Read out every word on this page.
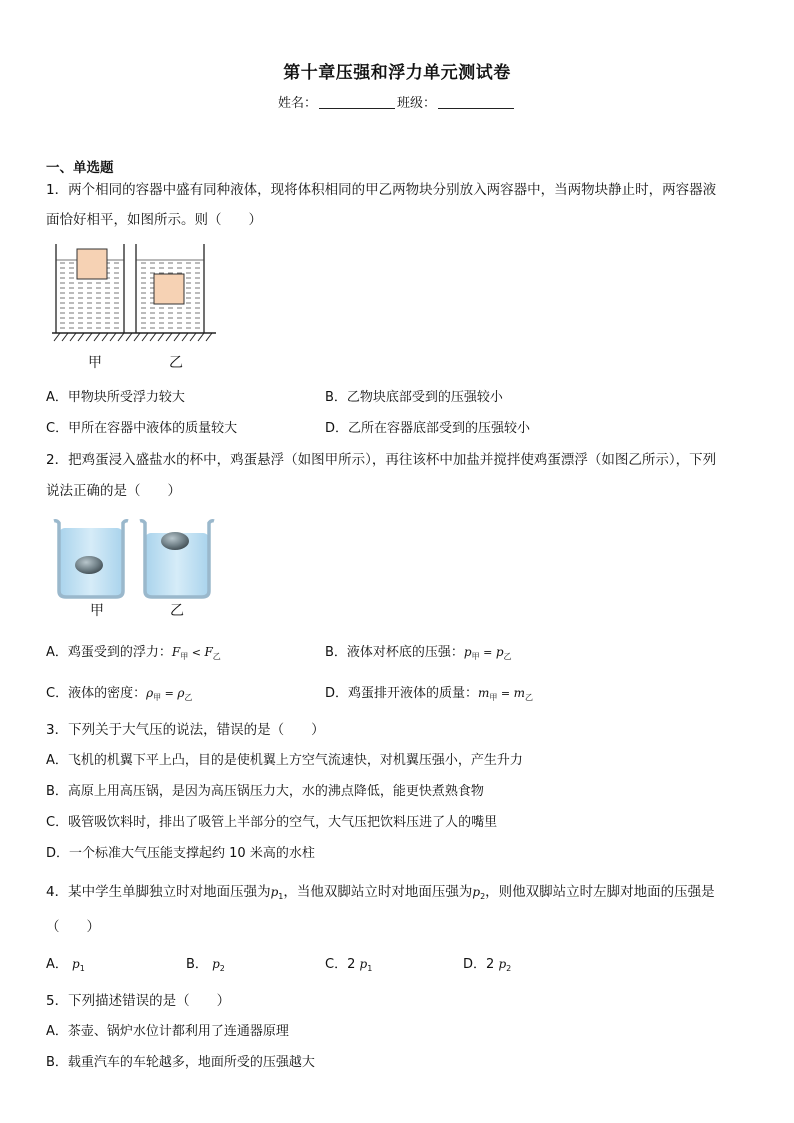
第十章压强和浮力单元测试卷
姓名：	班级：
一、单选题
1．两个相同的容器中盛有同种液体，现将体积相同的甲乙两物块分别放入两容器中，当两物块静止时，两容器液
面恰好相平，如图所示。则（　　）
甲	乙
A．甲物块所受浮力较大	B．乙物块底部受到的压强较小
C．甲所在容器中液体的质量较大	D．乙所在容器底部受到的压强较小
2．把鸡蛋浸入盛盐水的杯中，鸡蛋悬浮（如图甲所示），再往该杯中加盐并搅拌使鸡蛋漂浮（如图乙所示），下列
说法正确的是（　　）
甲	乙
A．鸡蛋受到的浮力：$F_甲 < F_乙$	B．液体对杯底的压强：$p_甲 = p_乙$
C．液体的密度：$\rho_甲 = \rho_乙$	D．鸡蛋排开液体的质量：$m_甲 = m_乙$
3．下列关于大气压的说法，错误的是（　　）
A．飞机的机翼下平上凸，目的是使机翼上方空气流速快，对机翼压强小，产生升力
B．高原上用高压锅，是因为高压锅压力大，水的沸点降低，能更快煮熟食物
C．吸管吸饮料时，排出了吸管上半部分的空气，大气压把饮料压进了人的嘴里
D．一个标准大气压能支撑起约 10 米高的水柱
4．某中学生单脚独立时对地面压强为$p_1$，当他双脚站立时对地面压强为$p_2$，则他双脚站立时左脚对地面的压强是
（　　）
A． $p_1$	B． $p_2$	C．2 $p_1$	D．2 $p_2$
5．下列描述错误的是（　　）
A．茶壶、锅炉水位计都利用了连通器原理
B．载重汽车的车轮越多，地面所受的压强越大
